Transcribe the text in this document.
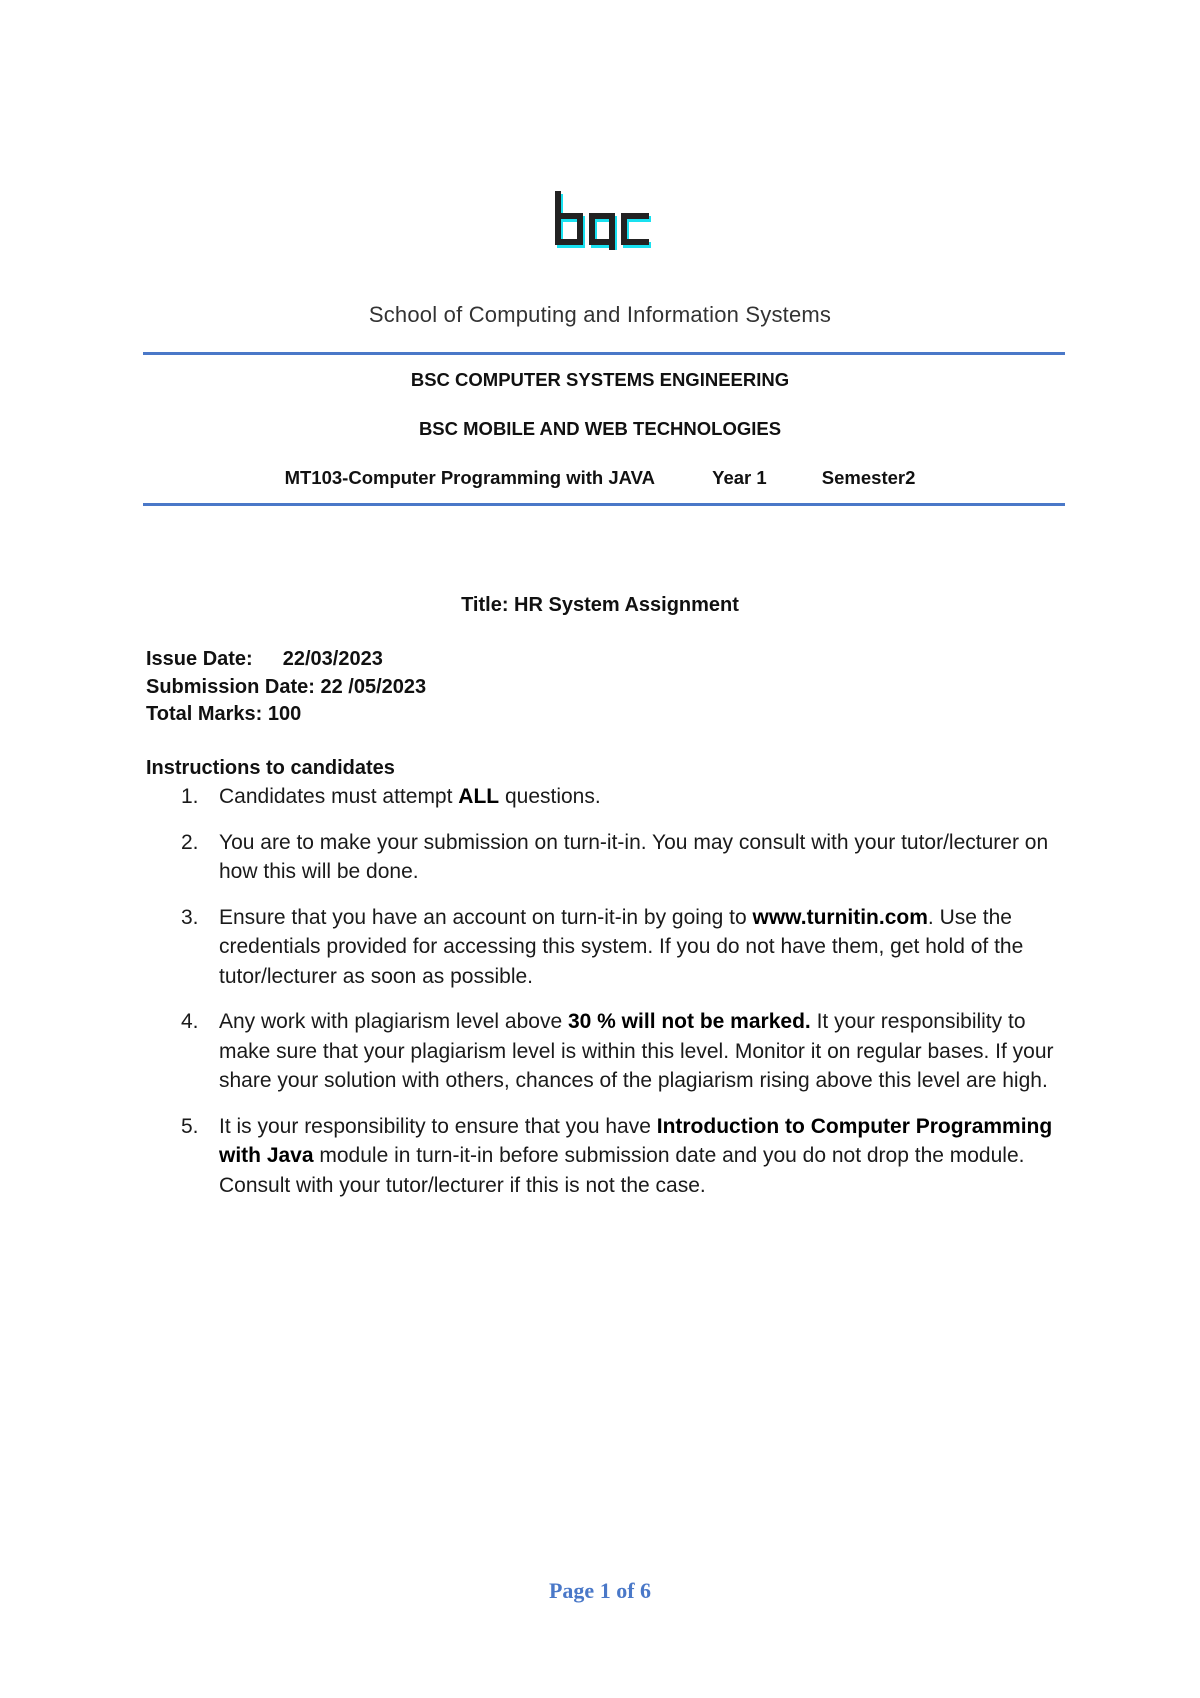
School of Computing and Information Systems
BSC COMPUTER SYSTEMS ENGINEERING
BSC MOBILE AND WEB TECHNOLOGIES
MT103-Computer Programming with JAVA	Year 1	Semester2
Title: HR System Assignment
Issue Date: 22/03/2023
Submission Date: 22 /05/2023
Total Marks: 100
Instructions to candidates
1. Candidates must attempt ALL questions.
2. You are to make your submission on turn-it-in. You may consult with your tutor/lecturer on how this will be done.
3. Ensure that you have an account on turn-it-in by going to www.turnitin.com. Use the credentials provided for accessing this system. If you do not have them, get hold of the tutor/lecturer as soon as possible.
4. Any work with plagiarism level above 30 % will not be marked. It your responsibility to make sure that your plagiarism level is within this level. Monitor it on regular bases. If your share your solution with others, chances of the plagiarism rising above this level are high.
5. It is your responsibility to ensure that you have Introduction to Computer Programming with Java module in turn-it-in before submission date and you do not drop the module. Consult with your tutor/lecturer if this is not the case.
Page 1 of 6
